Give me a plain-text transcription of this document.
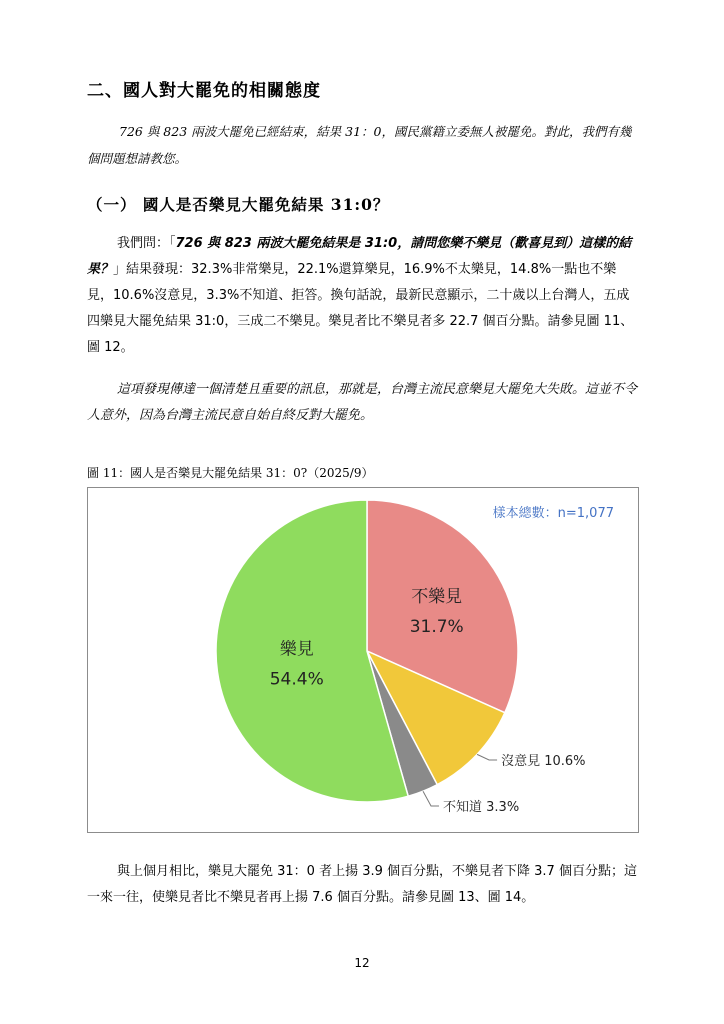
二、國人對大罷免的相關態度
726 與 823 兩波大罷免已經結束，結果 31：0，國民黨籍立委無人被罷免。對此，我們有幾個問題想請教您。
（一） 國人是否樂見大罷免結果 31:0？
我們問：「726 與 823 兩波大罷免結果是 31:0，請問您樂不樂見（歡喜見到）這樣的結果？」結果發現：32.3%非常樂見，22.1%還算樂見，16.9%不太樂見，14.8%一點也不樂見，10.6%沒意見，3.3%不知道、拒答。換句話說，最新民意顯示，二十歲以上台灣人，五成四樂見大罷免結果 31:0，三成二不樂見。樂見者比不樂見者多 22.7 個百分點。請參見圖 11、圖 12。
這項發現傳達一個清楚且重要的訊息，那就是，台灣主流民意樂見大罷免大失敗。這並不令人意外，因為台灣主流民意自始自終反對大罷免。
圖 11：國人是否樂見大罷免結果 31：0?（2025/9）
樣本總數：n=1,077
不樂見
31.7%
樂見
54.4%
沒意見 10.6%
不知道 3.3%
與上個月相比，樂見大罷免 31：0 者上揚 3.9 個百分點，不樂見者下降 3.7 個百分點；這一來一往，使樂見者比不樂見者再上揚 7.6 個百分點。請參見圖 13、圖 14。
12
